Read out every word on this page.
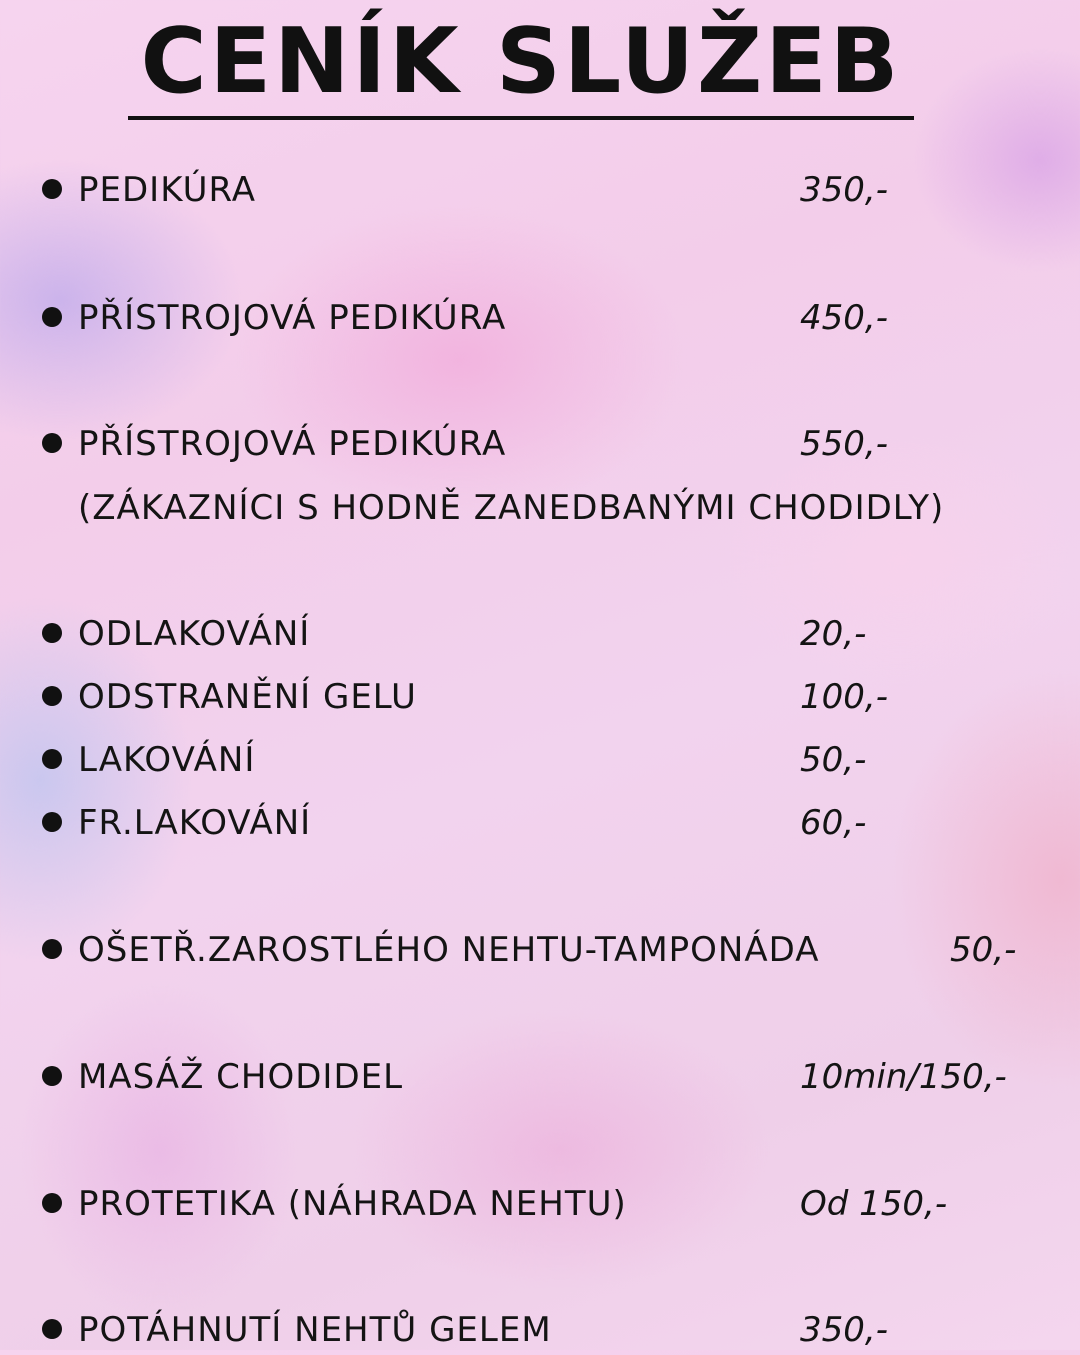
CENÍK SLUŽEB
PEDIKÚRA	350,-
PŘÍSTROJOVÁ PEDIKÚRA	450,-
PŘÍSTROJOVÁ PEDIKÚRA	550,-
(ZÁKAZNÍCI S HODNĚ ZANEDBANÝMI CHODIDLY)
ODLAKOVÁNÍ	20,-
ODSTRANĚNÍ GELU	100,-
LAKOVÁNÍ	50,-
FR.LAKOVÁNÍ	60,-
OŠETŘ.ZAROSTLÉHO NEHTU-TAMPONÁDA	50,-
MASÁŽ CHODIDEL	10min/150,-
PROTETIKA (NÁHRADA NEHTU)	Od 150,-
POTÁHNUTÍ NEHTŮ GELEM	350,-
